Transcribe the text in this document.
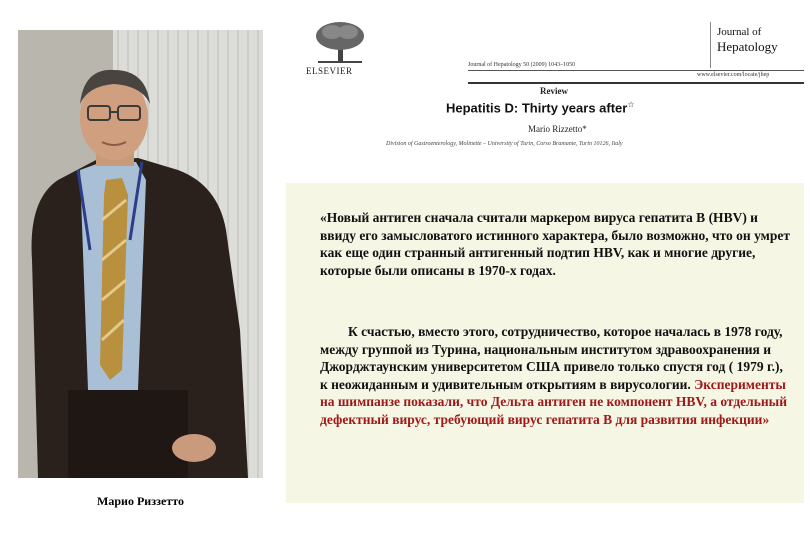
Марио Риззетто
ELSEVIER
Journal of Hepatology 50 (2009) 1043–1050
Journal of
Hepatology
www.elsevier.com/locate/jhep
Review
Hepatitis D: Thirty years after☆
Mario Rizzetto*
Division of Gastroenterology, Molinette – University of Turin, Corso Bramante, Turin 10126, Italy
«Новый антиген сначала считали маркером вируса гепатита В (HBV) и ввиду его замысловатого истинного характера, было возможно, что он умрет как еще один странный антигенный подтип HBV, как и многие другие, которые были описаны в 1970-х годах.
К счастью, вместо этого, сотрудничество, которое началась в 1978 году, между группой из Турина, национальным институтом здравоохранения и Джорджтаунским университетом США привело только спустя год ( 1979 г.), к неожиданным и удивительным открытиям в вирусологии. Эксперименты на шимпанзе показали, что Дельта антиген не компонент HBV, а отдельный дефектный вирус, требующий вирус гепатита В для развития инфекции»
